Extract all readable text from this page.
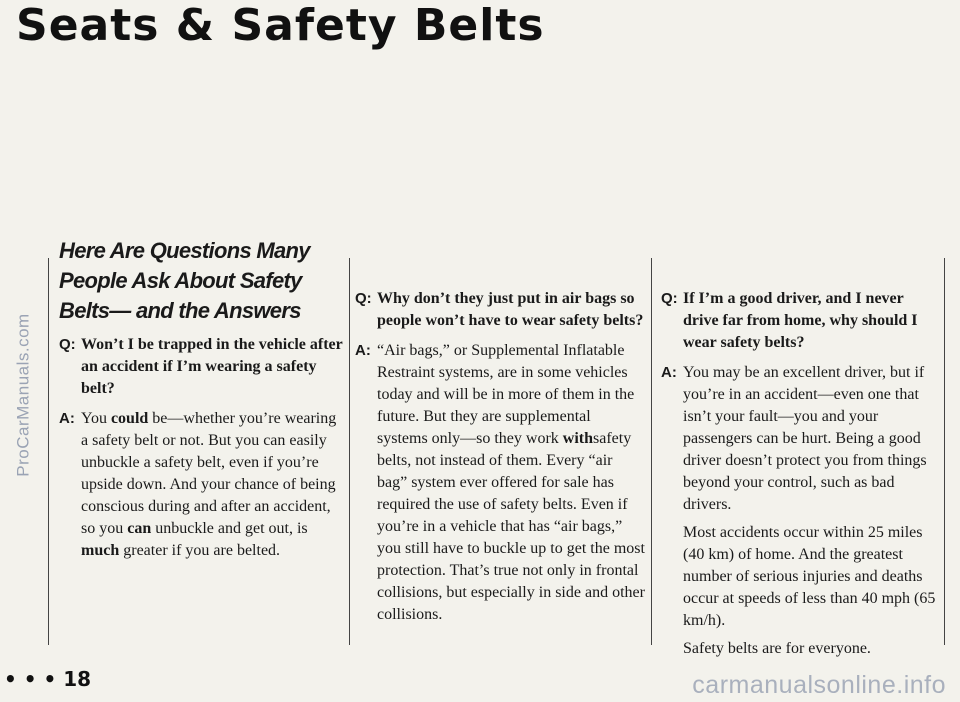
Seats & Safety Belts
ProCarManuals.com
Here Are Questions Many People Ask About Safety Belts— and the Answers
Q: Won’t I be trapped in the vehicle after an accident if I’m wearing a safety belt?
A: You could be—whether you’re wearing a safety belt or not. But you can easily unbuckle a safety belt, even if you’re upside down. And your chance of being conscious during and after an accident, so you can unbuckle and get out, is much greater if you are belted.
Q: Why don’t they just put in air bags so people won’t have to wear safety belts?
A: “Air bags,” or Supplemental Inflatable Restraint systems, are in some vehicles today and will be in more of them in the future. But they are supplemental systems only—so they work withsafety belts, not instead of them. Every “air bag” system ever offered for sale has required the use of safety belts. Even if you’re in a vehicle that has “air bags,” you still have to buckle up to get the most protection. That’s true not only in frontal collisions, but especially in side and other collisions.
Q: If I’m a good driver, and I never drive far from home, why should I wear safety belts?
A: You may be an excellent driver, but if you’re in an accident—even one that isn’t your fault—you and your passengers can be hurt. Being a good driver doesn’t protect you from things beyond your control, such as bad drivers.

Most accidents occur within 25 miles (40 km) of home. And the greatest number of serious injuries and deaths occur at speeds of less than 40 mph (65 km/h).

Safety belts are for everyone.

• • • 18	carmanualsonline.info
